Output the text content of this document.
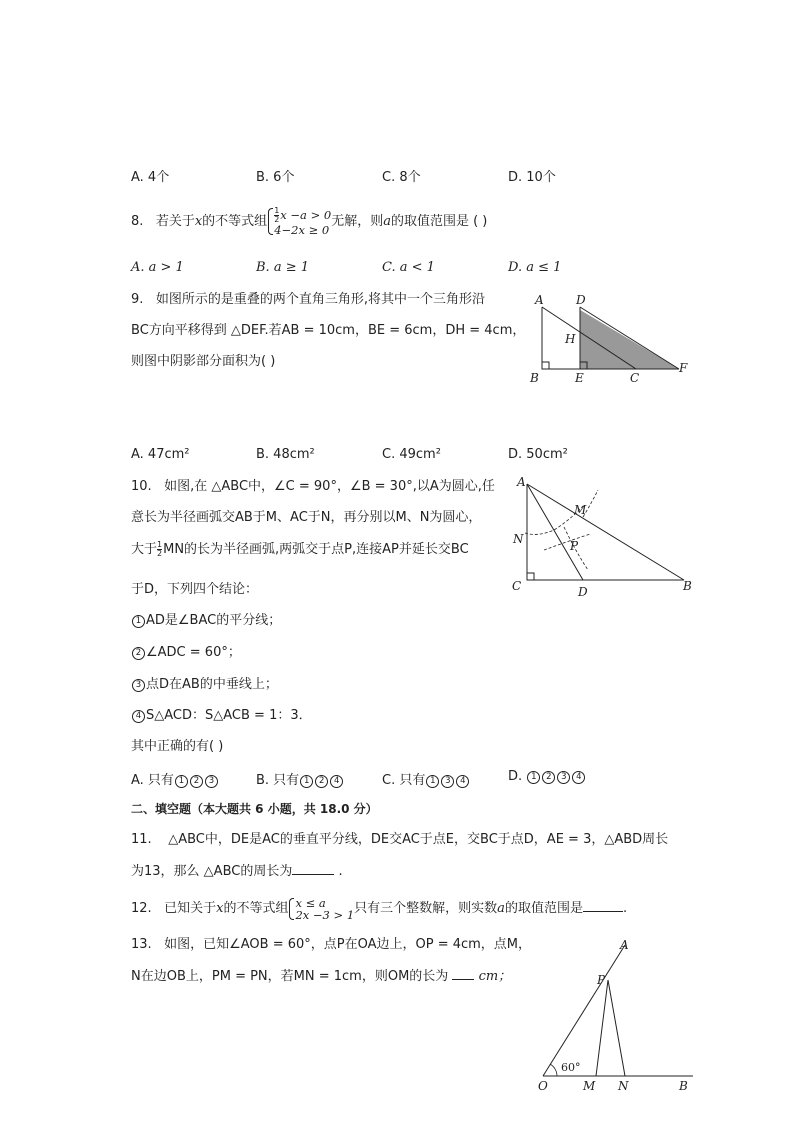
A. 4个	B. 6个	C. 8个	D. 10个
8. 若关于x的不等式组 $\frac{1}{2}$ x −a > 0
4−2x ≥ 0
无解，则a的取值范围是 ( )
A. a > 1	B. a ≥ 1	C. a < 1	D. a ≤ 1
9. 如图所示的是重叠的两个直角三角形,将其中一个三角形沿
BC方向平移得到 △DEF.若AB = 10cm，BE = 6cm，DH = 4cm，
则图中阴影部分面积为( )
A	D
H
B	E	C
F
A. 47cm²	B. 48cm²	C. 49cm²	D. 50cm²
10. 如图,在 △ABC中，∠C = 90°，∠B = 30°,以A为圆心,任
意长为半径画弧交AB于M、AC于N，再分别以M、N为圆心，
大于 $\frac{1}{2}$ MN的长为半径画弧,两弧交于点P,连接AP并延长交BC
于D，下列四个结论：
1 AD是∠BAC的平分线；
2 ∠ADC = 60°；
3 点D在AB的中垂线上；
4 S△ACD：S△ACB = 1：3．
其中正确的有( )
A. 只有 1 2 3	B. 只有 1 2 4	C. 只有 1 3 4	D. 1 2 3 4
A
M
N	P
C	D	B
二、填空题（本大题共 6 小题，共 18.0 分）
11. △ABC中，DE是AC的垂直平分线，DE交AC于点E，交BC于点D，AE = 3，△ABD周长
为13，那么 △ABC的周长为	.
12. 已知关于x的不等式组 x ≤ a
2x −3 > 1 只有三个整数解，则实数a的取值范围是	.
13. 如图，已知∠AOB = 60°，点P在OA边上，OP = 4cm，点M，
N在边OB上，PM = PN，若MN = 1cm，则OM的长为 cm；
A
P
O	M N	B
60°
